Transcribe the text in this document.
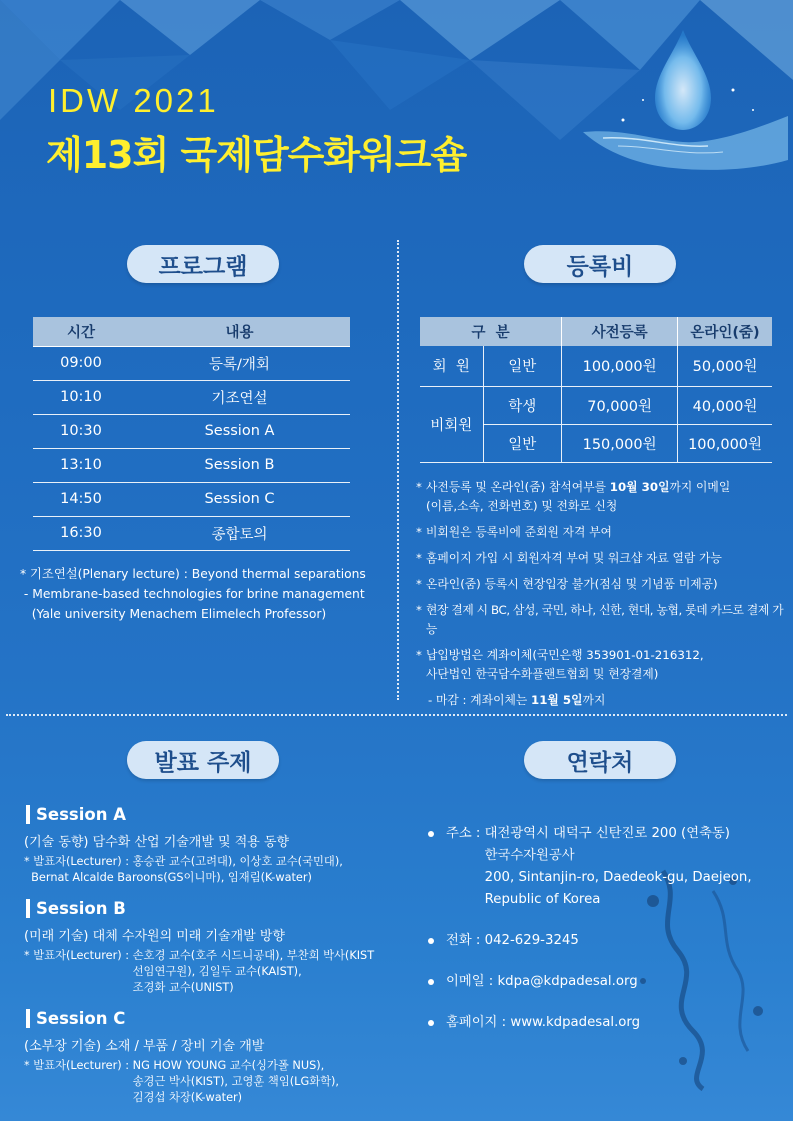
IDW 2021
제13회 국제담수화워크숍
프로그램
시간	내용
09:00	등록/개회
10:10	기조연설
10:30	Session A
13:10	Session B
14:50	Session C
16:30	종합토의
* 기조연설(Plenary lecture) : Beyond thermal separations
- Membrane-based technologies for brine management
(Yale university Menachem Elimelech Professor)
등록비
구  분		사전등록	온라인(줌)
회  원	일반	100,000원	50,000원
비회원	학생	70,000원	40,000원
	일반	150,000원	100,000원
* 사전등록 및 온라인(줌) 참석여부를 10월 30일까지 이메일
(이름,소속, 전화번호) 및 전화로 신청
* 비회원은 등록비에 준회원 자격 부여
* 홈페이지 가입 시 회원자격 부여 및 워크샵 자료 열람 가능
* 온라인(줌) 등록시 현장입장 불가(점심 및 기념품 미제공)
* 현장 결제 시 BC, 삼성, 국민, 하나, 신한, 현대, 농협, 롯데 카드로 결제 가능
* 납입방법은 계좌이체(국민은행 353901-01-216312,
사단법인 한국담수화플랜트협회 및 현장결제)
- 마감 : 계좌이체는 11월 5일까지
발표 주제
Session A
(기술 동향) 담수화 산업 기술개발 및 적용 동향
* 발표자(Lecturer) : 홍승관 교수(고려대), 이상호 교수(국민대),
Bernat Alcalde Baroons(GS이니마), 임재림(K-water)
Session B
(미래 기술) 대체 수자원의 미래 기술개발 방향
* 발표자(Lecturer) : 손호경 교수(호주 시드니공대), 부찬희 박사(KIST
선임연구원), 김일두 교수(KAIST),
조경화 교수(UNIST)
Session C
(소부장 기술) 소재 / 부품 / 장비 기술 개발
* 발표자(Lecturer) : NG HOW YOUNG 교수(싱가폴 NUS),
송경근 박사(KIST), 고영훈 책임(LG화학),
김경섭 차장(K-water)
연락처
주소 : 대전광역시 대덕구 신탄진로 200 (연축동)
한국수자원공사
200, Sintanjin-ro, Daedeok-gu, Daejeon,
Republic of Korea
전화 : 042-629-3245
이메일 : kdpa@kdpadesal.org
홈페이지 : www.kdpadesal.org
